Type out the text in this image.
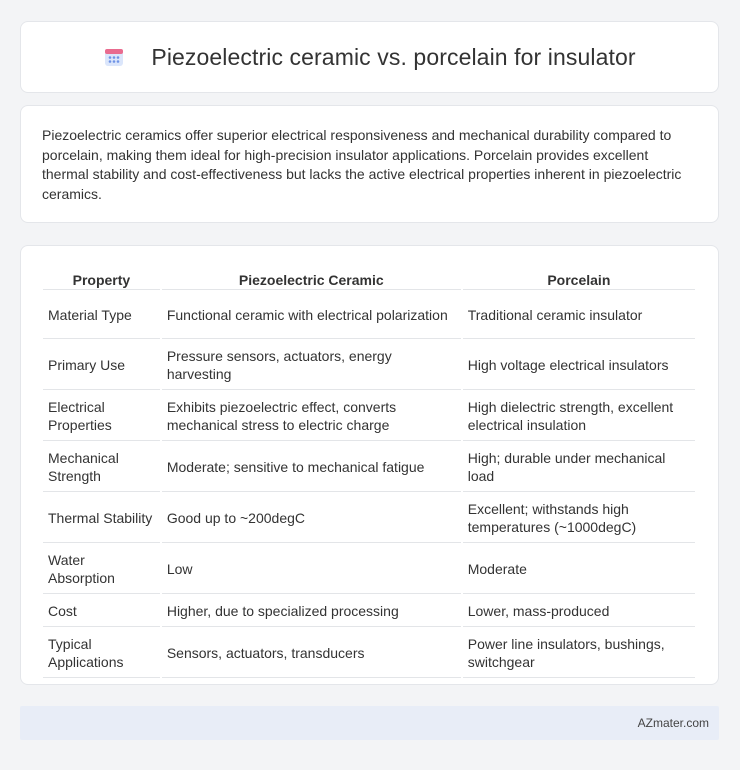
Piezoelectric ceramic vs. porcelain for insulator

Piezoelectric ceramics offer superior electrical responsiveness and mechanical durability compared to porcelain, making them ideal for high-precision insulator applications. Porcelain provides excellent thermal stability and cost-effectiveness but lacks the active electrical properties inherent in piezoelectric ceramics.

Property	Piezoelectric Ceramic	Porcelain
Material Type	Functional ceramic with electrical polarization	Traditional ceramic insulator
Primary Use	Pressure sensors, actuators, energy harvesting	High voltage electrical insulators
Electrical Properties	Exhibits piezoelectric effect, converts mechanical stress to electric charge	High dielectric strength, excellent electrical insulation
Mechanical Strength	Moderate; sensitive to mechanical fatigue	High; durable under mechanical load
Thermal Stability	Good up to ~200degC	Excellent; withstands high temperatures (~1000degC)
Water Absorption	Low	Moderate
Cost	Higher, due to specialized processing	Lower, mass-produced
Typical Applications	Sensors, actuators, transducers	Power line insulators, bushings, switchgear
AZmater.com
